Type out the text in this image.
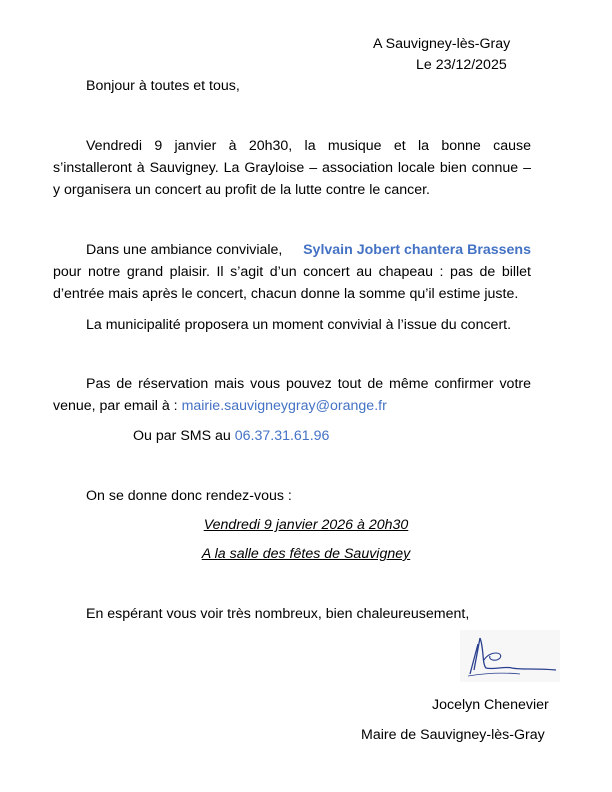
A Sauvigney-lès-Gray
Le 23/12/2025
Bonjour à toutes et tous,
Vendredi 9 janvier à 20h30, la musique et la bonne cause
s’installeront à Sauvigney. La Grayloise – association locale bien connue –
y organisera un concert au profit de la lutte contre le cancer.
Dans une ambiance conviviale, Sylvain Jobert chantera Brassens
pour notre grand plaisir. Il s’agit d’un concert au chapeau : pas de billet
d’entrée mais après le concert, chacun donne la somme qu’il estime juste.
La municipalité proposera un moment convivial à l’issue du concert.
Pas de réservation mais vous pouvez tout de même confirmer votre
venue, par email à : mairie.sauvigneygray@orange.fr
Ou par SMS au 06.37.31.61.96
On se donne donc rendez-vous :
Vendredi 9 janvier 2026 à 20h30
A la salle des fêtes de Sauvigney
En espérant vous voir très nombreux, bien chaleureusement,
Jocelyn Chenevier
Maire de Sauvigney-lès-Gray
